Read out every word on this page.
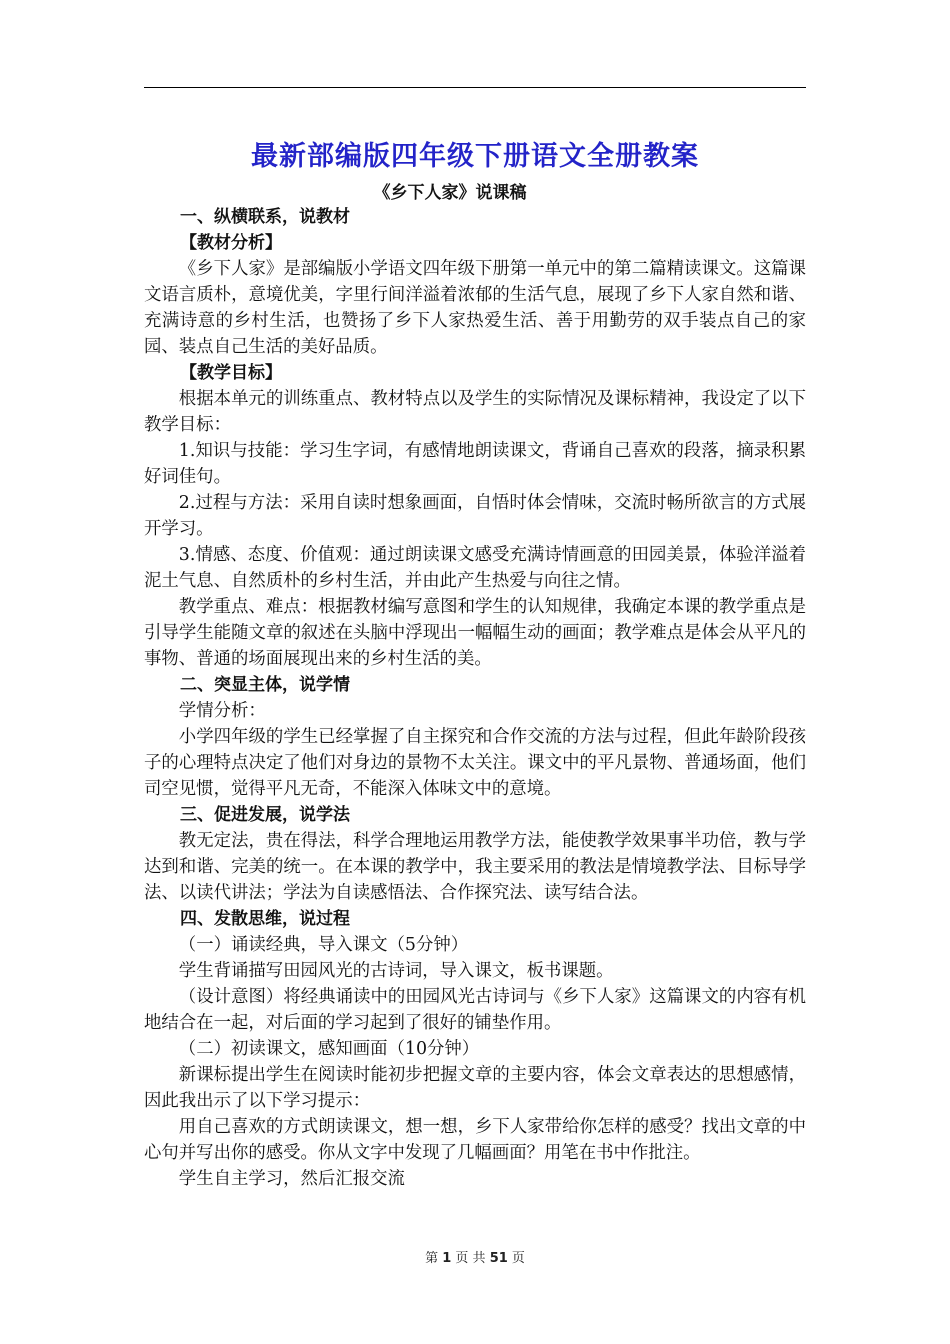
最新部编版四年级下册语文全册教案
《乡下人家》说课稿
一、纵横联系，说教材
【教材分析】
《乡下人家》是部编版小学语文四年级下册第一单元中的第二篇精读课文。这篇课文语言质朴，意境优美，字里行间洋溢着浓郁的生活气息，展现了乡下人家自然和谐、充满诗意的乡村生活，也赞扬了乡下人家热爱生活、善于用勤劳的双手装点自己的家园、装点自己生活的美好品质。
【教学目标】
根据本单元的训练重点、教材特点以及学生的实际情况及课标精神，我设定了以下教学目标：
1.知识与技能：学习生字词，有感情地朗读课文，背诵自己喜欢的段落，摘录积累好词佳句。
2.过程与方法：采用自读时想象画面，自悟时体会情味，交流时畅所欲言的方式展开学习。
3.情感、态度、价值观：通过朗读课文感受充满诗情画意的田园美景，体验洋溢着泥土气息、自然质朴的乡村生活，并由此产生热爱与向往之情。
教学重点、难点：根据教材编写意图和学生的认知规律，我确定本课的教学重点是引导学生能随文章的叙述在头脑中浮现出一幅幅生动的画面；教学难点是体会从平凡的事物、普通的场面展现出来的乡村生活的美。
二、突显主体，说学情
学情分析：
小学四年级的学生已经掌握了自主探究和合作交流的方法与过程，但此年龄阶段孩子的心理特点决定了他们对身边的景物不太关注。课文中的平凡景物、普通场面，他们司空见惯，觉得平凡无奇，不能深入体味文中的意境。
三、促进发展，说学法
教无定法，贵在得法，科学合理地运用教学方法，能使教学效果事半功倍，教与学达到和谐、完美的统一。在本课的教学中，我主要采用的教法是情境教学法、目标导学法、以读代讲法；学法为自读感悟法、合作探究法、读写结合法。
四、发散思维，说过程
（一）诵读经典，导入课文（5分钟）
学生背诵描写田园风光的古诗词，导入课文，板书课题。
（设计意图）将经典诵读中的田园风光古诗词与《乡下人家》这篇课文的内容有机地结合在一起，对后面的学习起到了很好的铺垫作用。
（二）初读课文，感知画面（10分钟）
新课标提出学生在阅读时能初步把握文章的主要内容，体会文章表达的思想感情，因此我出示了以下学习提示：
用自己喜欢的方式朗读课文，想一想，乡下人家带给你怎样的感受？找出文章的中心句并写出你的感受。你从文字中发现了几幅画面？用笔在书中作批注。
学生自主学习，然后汇报交流
第 1 页 共 51 页
